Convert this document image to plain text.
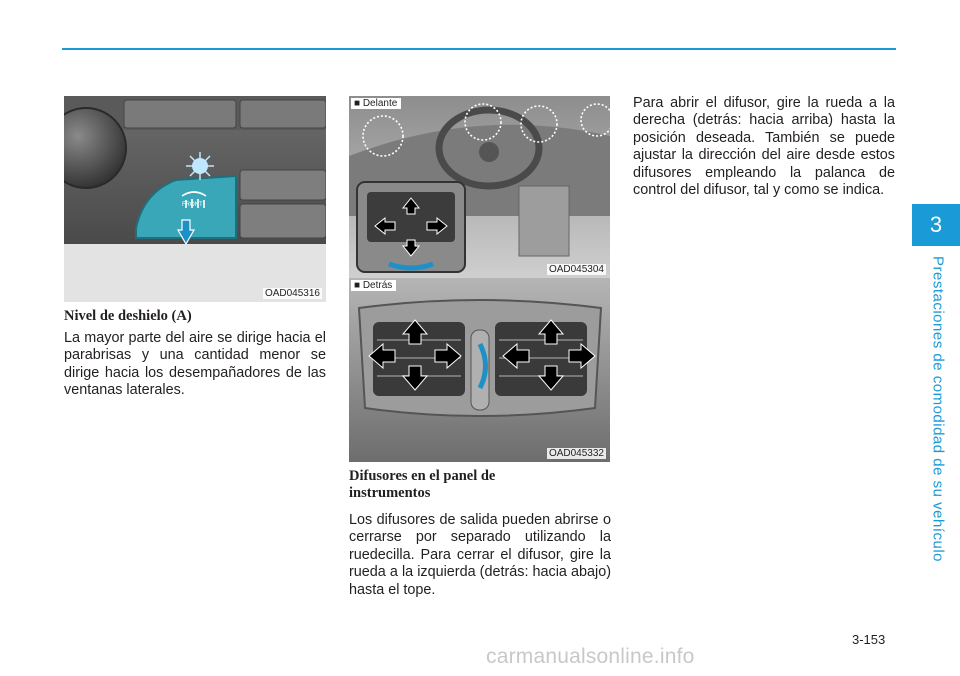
3
Prestaciones de comodidad de su vehículo
FRONT
OAD045316
■ Delante
OAD045304
■ Detrás
OAD045332
Nivel de deshielo (A)
La mayor parte del aire se dirige hacia el parabrisas y una cantidad menor se dirige hacia los desempañadores de las ventanas laterales.
Difusores en el panel de instrumentos
Los difusores de salida pueden abrirse o cerrarse por separado utilizando la ruedecilla. Para cerrar el difusor, gire la rueda a la izquierda (detrás: hacia abajo) hasta el tope.
Para abrir el difusor, gire la rueda a la derecha (detrás: hacia arriba) hasta la posición deseada. También se puede ajustar la dirección del aire desde estos difusores empleando la palanca de control del difusor, tal y como se indica.
3-153
carmanualsonline.info
